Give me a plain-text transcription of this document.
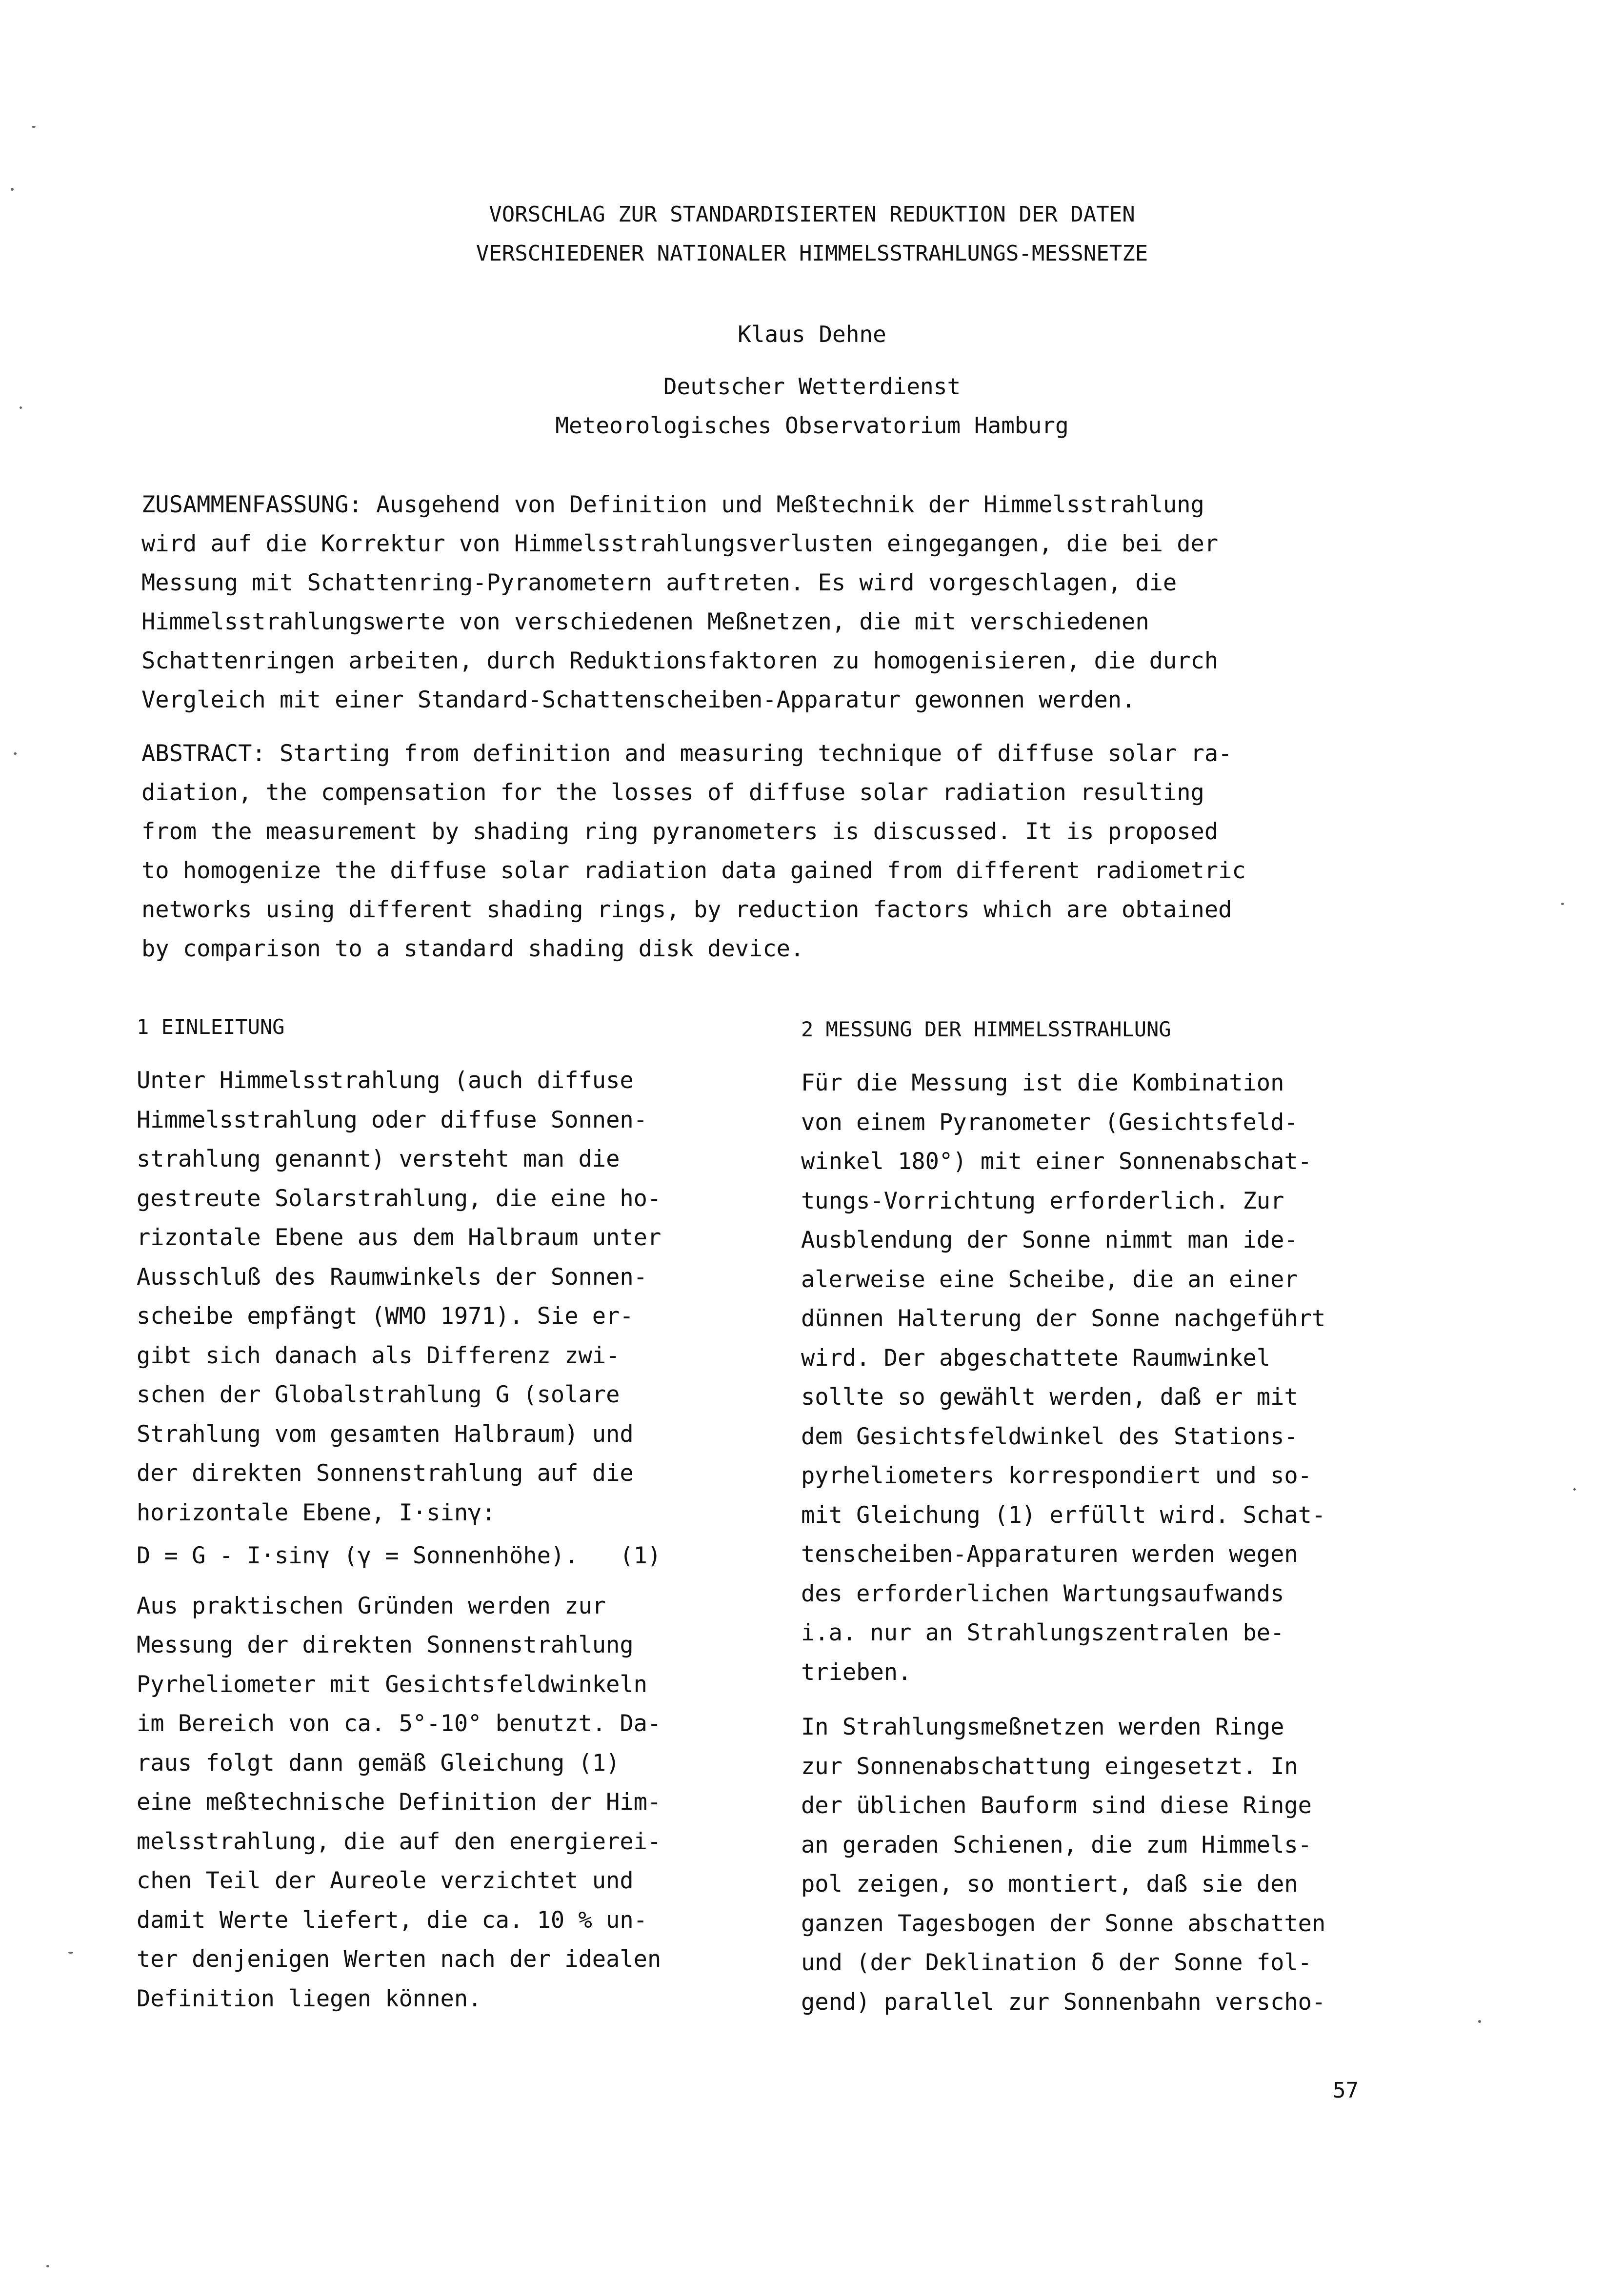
VORSCHLAG ZUR STANDARDISIERTEN REDUKTION DER DATEN
VERSCHIEDENER NATIONALER HIMMELSSTRAHLUNGS-MESSNETZE
Klaus Dehne
Deutscher Wetterdienst
Meteorologisches Observatorium Hamburg
ZUSAMMENFASSUNG: Ausgehend von Definition und Meßtechnik der Himmelsstrahlung
wird auf die Korrektur von Himmelsstrahlungsverlusten eingegangen, die bei der
Messung mit Schattenring-Pyranometern auftreten. Es wird vorgeschlagen, die
Himmelsstrahlungswerte von verschiedenen Meßnetzen, die mit verschiedenen
Schattenringen arbeiten, durch Reduktionsfaktoren zu homogenisieren, die durch
Vergleich mit einer Standard-Schattenscheiben-Apparatur gewonnen werden.
ABSTRACT: Starting from definition and measuring technique of diffuse solar ra-
diation, the compensation for the losses of diffuse solar radiation resulting
from the measurement by shading ring pyranometers is discussed. It is proposed
to homogenize the diffuse solar radiation data gained from different radiometric
networks using different shading rings, by reduction factors which are obtained
by comparison to a standard shading disk device.
1 EINLEITUNG
Unter Himmelsstrahlung (auch diffuse
Himmelsstrahlung oder diffuse Sonnen-
strahlung genannt) versteht man die
gestreute Solarstrahlung, die eine ho-
rizontale Ebene aus dem Halbraum unter
Ausschluß des Raumwinkels der Sonnen-
scheibe empfängt (WMO 1971). Sie er-
gibt sich danach als Differenz zwi-
schen der Globalstrahlung G (solare
Strahlung vom gesamten Halbraum) und
der direkten Sonnenstrahlung auf die
horizontale Ebene, I·sinγ:
D = G - I·sinγ (γ = Sonnenhöhe).   (1)
Aus praktischen Gründen werden zur
Messung der direkten Sonnenstrahlung
Pyrheliometer mit Gesichtsfeldwinkeln
im Bereich von ca. 5°-10° benutzt. Da-
raus folgt dann gemäß Gleichung (1)
eine meßtechnische Definition der Him-
melsstrahlung, die auf den energierei-
chen Teil der Aureole verzichtet und
damit Werte liefert, die ca. 10 % un-
ter denjenigen Werten nach der idealen
Definition liegen können.
2 MESSUNG DER HIMMELSSTRAHLUNG
Für die Messung ist die Kombination
von einem Pyranometer (Gesichtsfeld-
winkel 180°) mit einer Sonnenabschat-
tungs-Vorrichtung erforderlich. Zur
Ausblendung der Sonne nimmt man ide-
alerweise eine Scheibe, die an einer
dünnen Halterung der Sonne nachgeführt
wird. Der abgeschattete Raumwinkel
sollte so gewählt werden, daß er mit
dem Gesichtsfeldwinkel des Stations-
pyrheliometers korrespondiert und so-
mit Gleichung (1) erfüllt wird. Schat-
tenscheiben-Apparaturen werden wegen
des erforderlichen Wartungsaufwands
i.a. nur an Strahlungszentralen be-
trieben.
In Strahlungsmeßnetzen werden Ringe
zur Sonnenabschattung eingesetzt. In
der üblichen Bauform sind diese Ringe
an geraden Schienen, die zum Himmels-
pol zeigen, so montiert, daß sie den
ganzen Tagesbogen der Sonne abschatten
und (der Deklination δ der Sonne fol-
gend) parallel zur Sonnenbahn verscho-
57
